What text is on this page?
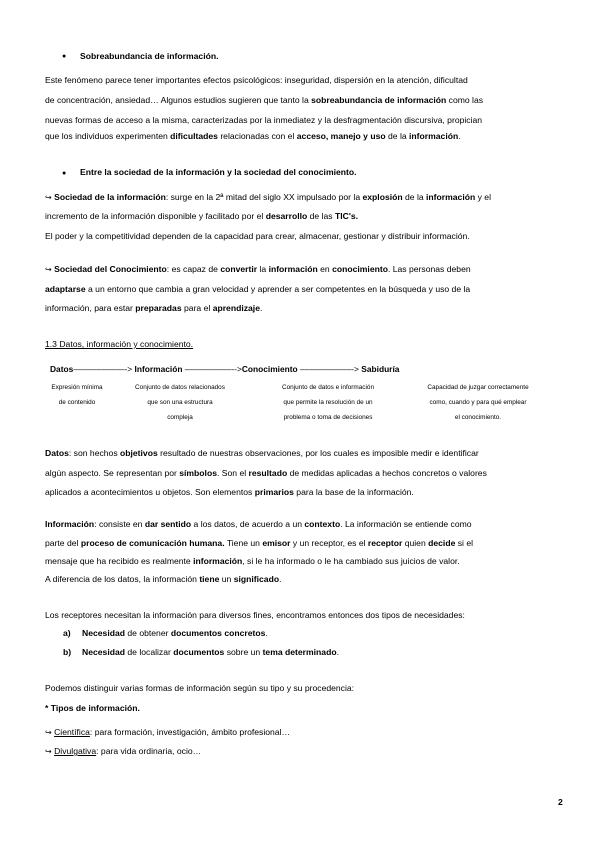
● Sobreabundancia de información.
Este fenómeno parece tener importantes efectos psicológicos: inseguridad, dispersión en la atención, dificultad
de concentración, ansiedad… Algunos estudios sugieren que tanto la sobreabundancia de información como las
nuevas formas de acceso a la misma, caracterizadas por la inmediatez y la desfragmentación discursiva, propician
que los individuos experimenten dificultades relacionadas con el acceso, manejo y uso de la información.
● Entre la sociedad de la información y la sociedad del conocimiento.
↪ Sociedad de la información: surge en la 2ª mitad del siglo XX impulsado por la explosión de la información y el
incremento de la información disponible y facilitado por el desarrollo de las TIC's.
El poder y la competitividad dependen de la capacidad para crear, almacenar, gestionar y distribuir información.
↪ Sociedad del Conocimiento: es capaz de convertir la información en conocimiento. Las personas deben
adaptarse a un entorno que cambia a gran velocidad y aprender a ser competentes en la búsqueda y uso de la
información, para estar preparadas para el aprendizaje.
1.3 Datos, información y conocimiento.
Datos–––––––––––-> Información ––––––––––-->Conocimiento –––––––––––-> Sabiduría
Expresión mínima
de contenido
Conjunto de datos relacionados
que son una estructura
compleja
Conjunto de datos e información
que permite la resolución de un
problema o toma de decisiones
Capacidad de juzgar correctamente
como, cuando y para qué emplear
el conocimiento.
Datos: son hechos objetivos resultado de nuestras observaciones, por los cuales es imposible medir e identificar
algún aspecto. Se representan por símbolos. Son el resultado de medidas aplicadas a hechos concretos o valores
aplicados a acontecimientos u objetos. Son elementos primarios para la base de la información.
Información: consiste en dar sentido a los datos, de acuerdo a un contexto. La información se entiende como
parte del proceso de comunicación humana. Tiene un emisor y un receptor, es el receptor quien decide si el
mensaje que ha recibido es realmente información, si le ha informado o le ha cambiado sus juicios de valor.
A diferencia de los datos, la información tiene un significado.
Los receptores necesitan la información para diversos fines, encontramos entonces dos tipos de necesidades:
a) Necesidad de obtener documentos concretos.
b) Necesidad de localizar documentos sobre un tema determinado.
Podemos distinguir varias formas de información según su tipo y su procedencia:
* Tipos de información.
↪ Científica: para formación, investigación, ámbito profesional…
↪ Divulgativa: para vida ordinaria, ocio…
2
